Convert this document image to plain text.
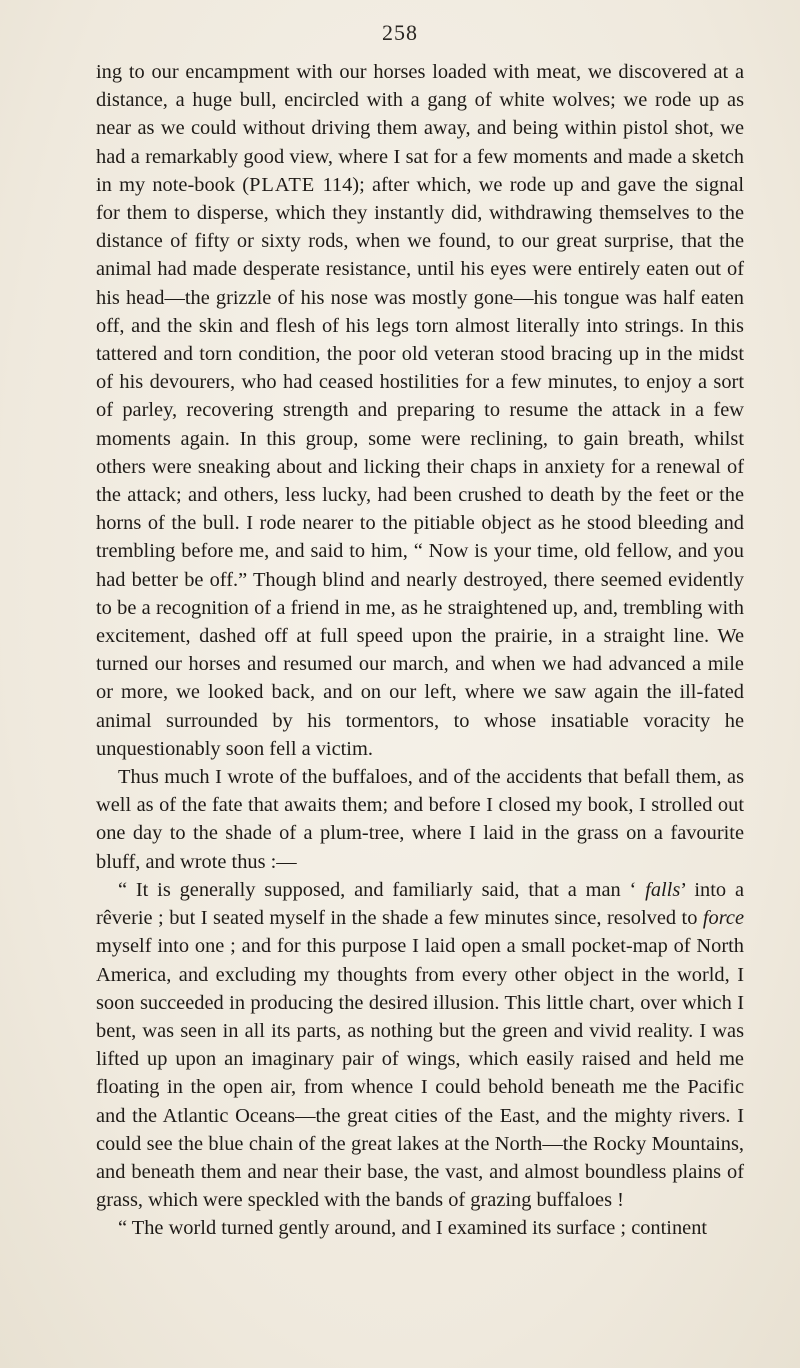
258

ing to our encampment with our horses loaded with meat, we discovered at a distance, a huge bull, encircled with a gang of white wolves; we rode up as near as we could without driving them away, and being within pistol shot, we had a remarkably good view, where I sat for a few moments and made a sketch in my note-book (PLATE 114); after which, we rode up and gave the signal for them to disperse, which they instantly did, withdrawing themselves to the distance of fifty or sixty rods, when we found, to our great surprise, that the animal had made desperate resistance, until his eyes were entirely eaten out of his head—the grizzle of his nose was mostly gone—his tongue was half eaten off, and the skin and flesh of his legs torn almost literally into strings. In this tattered and torn condition, the poor old veteran stood bracing up in the midst of his devourers, who had ceased hostilities for a few minutes, to enjoy a sort of parley, recovering strength and preparing to resume the attack in a few moments again. In this group, some were reclining, to gain breath, whilst others were sneaking about and licking their chaps in anxiety for a renewal of the attack; and others, less lucky, had been crushed to death by the feet or the horns of the bull. I rode nearer to the pitiable object as he stood bleeding and trembling before me, and said to him, “ Now is your time, old fellow, and you had better be off.” Though blind and nearly destroyed, there seemed evidently to be a recognition of a friend in me, as he straightened up, and, trembling with excitement, dashed off at full speed upon the prairie, in a straight line. We turned our horses and resumed our march, and when we had advanced a mile or more, we looked back, and on our left, where we saw again the ill-fated animal surrounded by his tormentors, to whose insatiable voracity he unquestionably soon fell a victim.

Thus much I wrote of the buffaloes, and of the accidents that befall them, as well as of the fate that awaits them; and before I closed my book, I strolled out one day to the shade of a plum-tree, where I laid in the grass on a favourite bluff, and wrote thus :—

“ It is generally supposed, and familiarly said, that a man ‘ falls’ into a rêverie ; but I seated myself in the shade a few minutes since, resolved to force myself into one ; and for this purpose I laid open a small pocket-map of North America, and excluding my thoughts from every other object in the world, I soon succeeded in producing the desired illusion. This little chart, over which I bent, was seen in all its parts, as nothing but the green and vivid reality. I was lifted up upon an imaginary pair of wings, which easily raised and held me floating in the open air, from whence I could behold beneath me the Pacific and the Atlantic Oceans—the great cities of the East, and the mighty rivers. I could see the blue chain of the great lakes at the North—the Rocky Mountains, and beneath them and near their base, the vast, and almost boundless plains of grass, which were speckled with the bands of grazing buffaloes !

“ The world turned gently around, and I examined its surface ; continent
